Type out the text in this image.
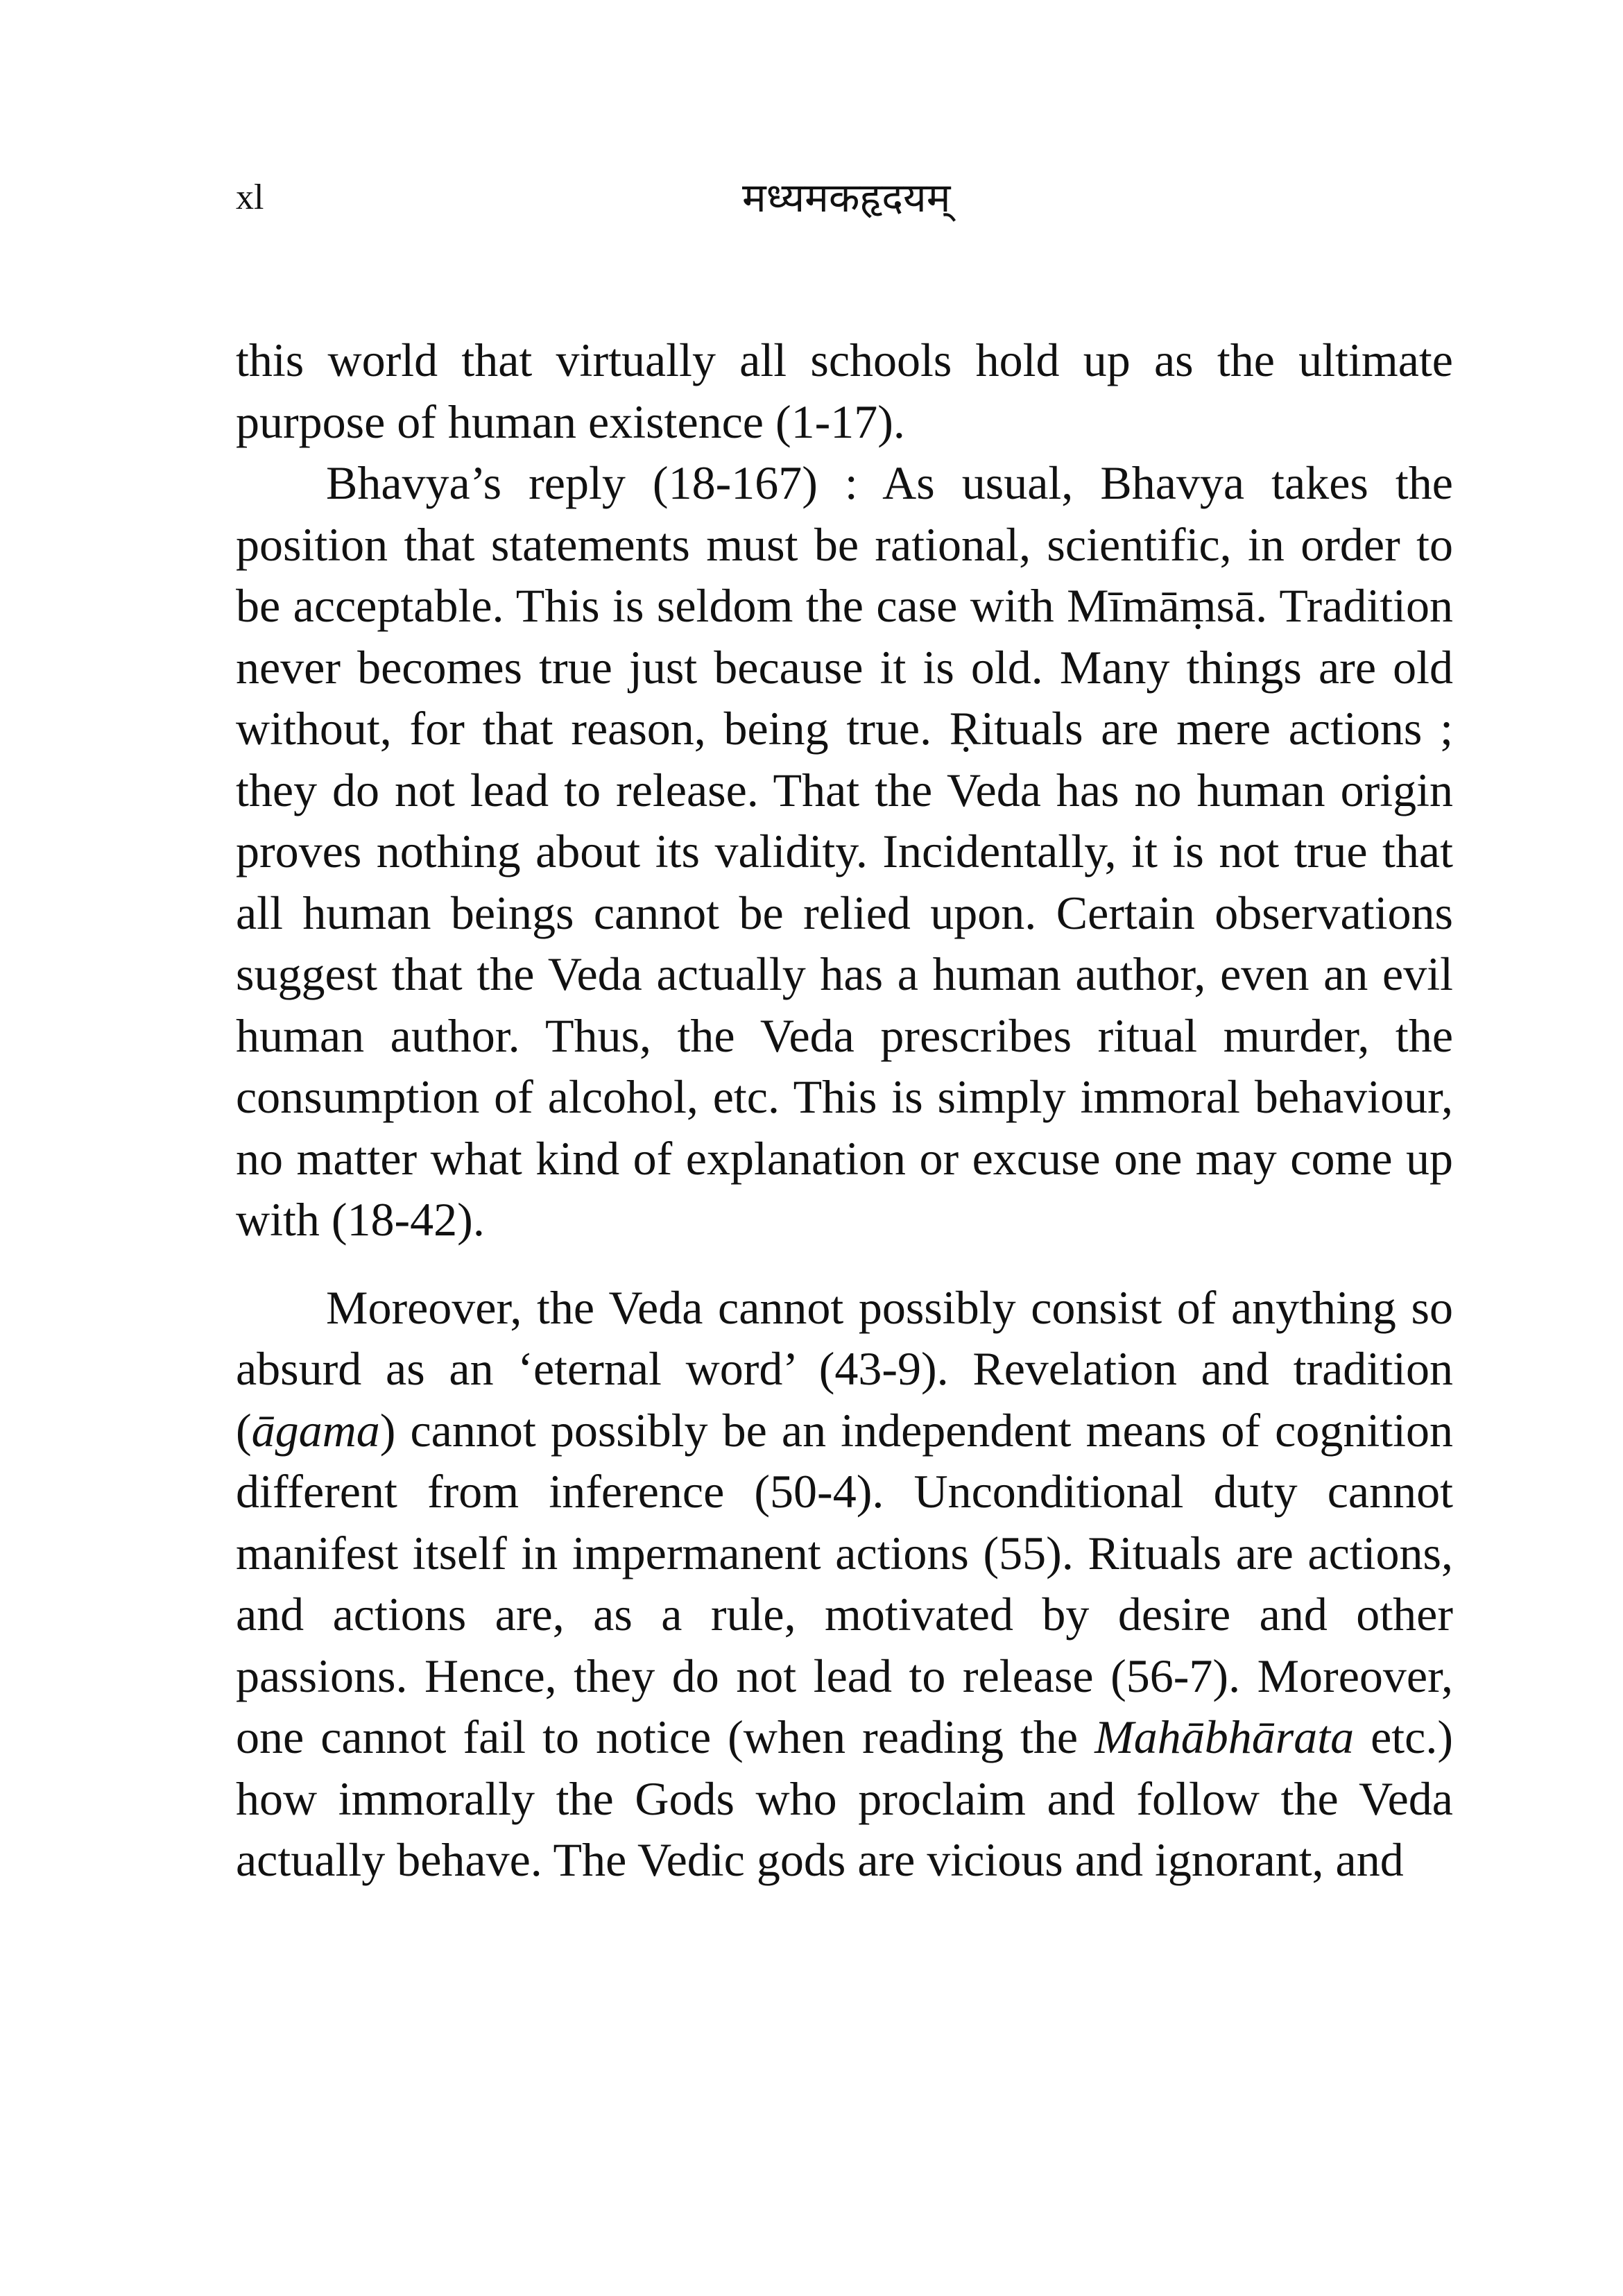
xl	मध्यमकहृदयम्

this world that virtually all schools hold up as the ultimate purpose of human existence (1-17).

Bhavya’s reply (18-167) : As usual, Bhavya takes the position that statements must be rational, scientific, in order to be acceptable. This is seldom the case with Mīmāṃsā. Tradition never becomes true just because it is old. Many things are old without, for that reason, being true. Ṛituals are mere actions ; they do not lead to release. That the Veda has no human origin proves nothing about its validity. Incidentally, it is not true that all human beings cannot be relied upon. Certain observations suggest that the Veda actually has a human author, even an evil human author. Thus, the Veda prescribes ritual murder, the consumption of alcohol, etc. This is simply immoral behaviour, no matter what kind of explanation or excuse one may come up with (18-42).

Moreover, the Veda cannot possibly consist of anything so absurd as an ‘eternal word’ (43-9). Revelation and tradition (āgama) cannot possibly be an independent means of cognition different from inference (50-4). Unconditional duty cannot manifest itself in impermanent actions (55). Rituals are actions, and actions are, as a rule, motivated by desire and other passions. Hence, they do not lead to release (56-7). Moreover, one cannot fail to notice (when reading the Mahābhārata etc.) how immorally the Gods who proclaim and follow the Veda actually behave. The Vedic gods are vicious and ignorant, and
